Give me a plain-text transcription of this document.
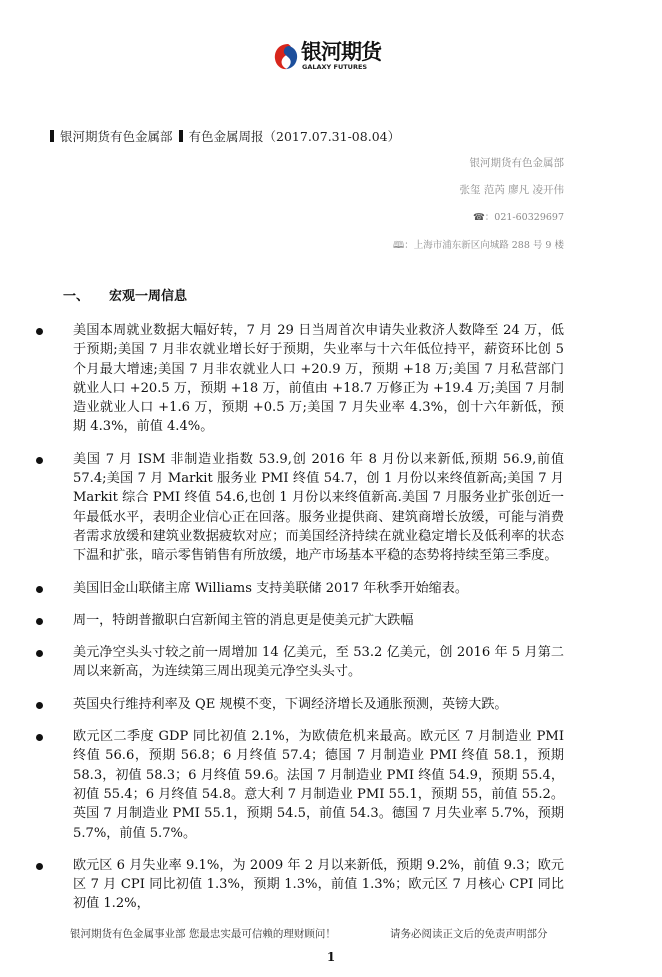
银河期货
GALAXY FUTURES
银河期货有色金属部 有色金属周报（2017.07.31-08.04）
银河期货有色金属部
张玺 范芮 廖凡 凌开伟
☎：021-60329697
🕮：上海市浦东新区向城路 288 号 9 楼
一、 宏观一周信息

美国本周就业数据大幅好转，7 月 29 日当周首次申请失业救济人数降至 24 万，低于预期;美国 7 月非农就业增长好于预期，失业率与十六年低位持平，薪资环比创 5 个月最大增速;美国 7 月非农就业人口 +20.9 万，预期 +18 万;美国 7 月私营部门就业人口 +20.5 万，预期 +18 万，前值由 +18.7 万修正为 +19.4 万;美国 7 月制造业就业人口 +1.6 万，预期 +0.5 万;美国 7 月失业率 4.3%，创十六年新低，预期 4.3%，前值 4.4%。

美国 7 月 ISM 非制造业指数 53.9,创 2016 年 8 月份以来新低,预期 56.9,前值 57.4;美国 7 月 Markit 服务业 PMI 终值 54.7，创 1 月份以来终值新高;美国 7 月 Markit 综合 PMI 终值 54.6,也创 1 月份以来终值新高.美国 7 月服务业扩张创近一年最低水平，表明企业信心正在回落。服务业提供商、建筑商增长放缓，可能与消费者需求放缓和建筑业数据疲软对应；而美国经济持续在就业稳定增长及低利率的状态下温和扩张，暗示零售销售有所放缓，地产市场基本平稳的态势将持续至第三季度。

美国旧金山联储主席 Williams 支持美联储 2017 年秋季开始缩表。

周一，特朗普撤职白宫新闻主管的消息更是使美元扩大跌幅

美元净空头头寸较之前一周增加 14 亿美元，至 53.2 亿美元，创 2016 年 5 月第二周以来新高，为连续第三周出现美元净空头头寸。

英国央行维持利率及 QE 规模不变，下调经济增长及通胀预测，英镑大跌。

欧元区二季度 GDP 同比初值 2.1%，为欧债危机来最高。欧元区 7 月制造业 PMI 终值 56.6，预期 56.8；6 月终值 57.4；德国 7 月制造业 PMI 终值 58.1，预期 58.3，初值 58.3；6 月终值 59.6。法国 7 月制造业 PMI 终值 54.9，预期 55.4，初值 55.4；6 月终值 54.8。意大利 7 月制造业 PMI 55.1，预期 55，前值 55.2。英国 7 月制造业 PMI 55.1，预期 54.5，前值 54.3。德国 7 月失业率 5.7%，预期 5.7%，前值 5.7%。

欧元区 6 月失业率 9.1%，为 2009 年 2 月以来新低，预期 9.2%，前值 9.3；欧元区 7 月 CPI 同比初值 1.3%，预期 1.3%，前值 1.3%；欧元区 7 月核心 CPI 同比初值 1.2%，

银河期货有色金属事业部 您最忠实最可信赖的理财顾问！	请务必阅读正文后的免责声明部分
1
